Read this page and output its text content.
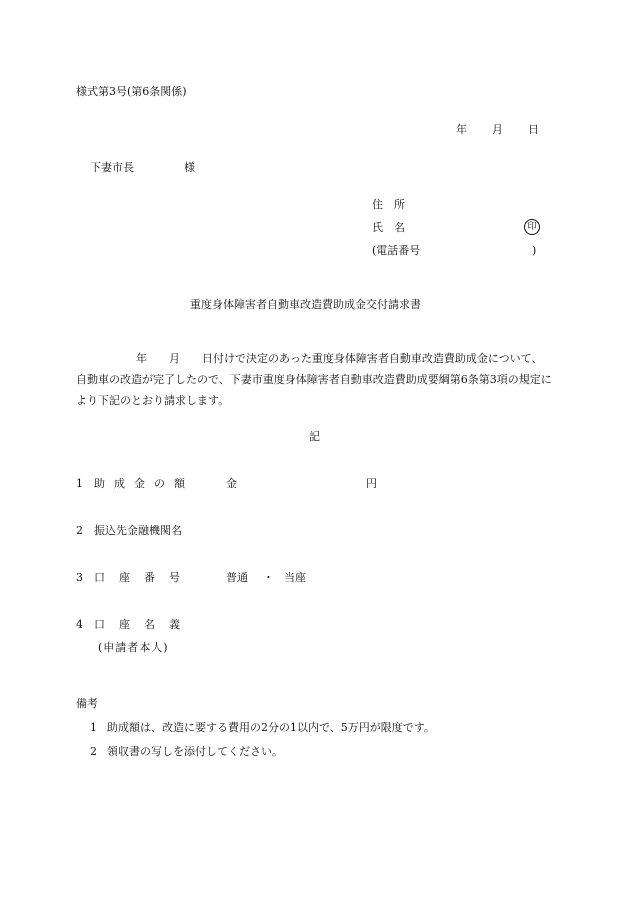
様式第3号(第6条関係)
年 月 日
下妻市長	様
住　所
氏　名	印
(電話番号	)
重度身体障害者自動車改造費助成金交付請求書
年 月 日付けで決定のあった重度身体障害者自動車改造費助成金について、自動車の改造が完了したので、下妻市重度身体障害者自動車改造費助成要綱第6条第3項の規定により下記のとおり請求します。
記
1 助成金の額	金	円
2 振込先金融機関名
3 口座番号	普通 ・ 当座
4 口座名義
(申請者本人)
備考
1 助成額は、改造に要する費用の2分の1以内で、5万円が限度です。
2 領収書の写しを添付してください。
